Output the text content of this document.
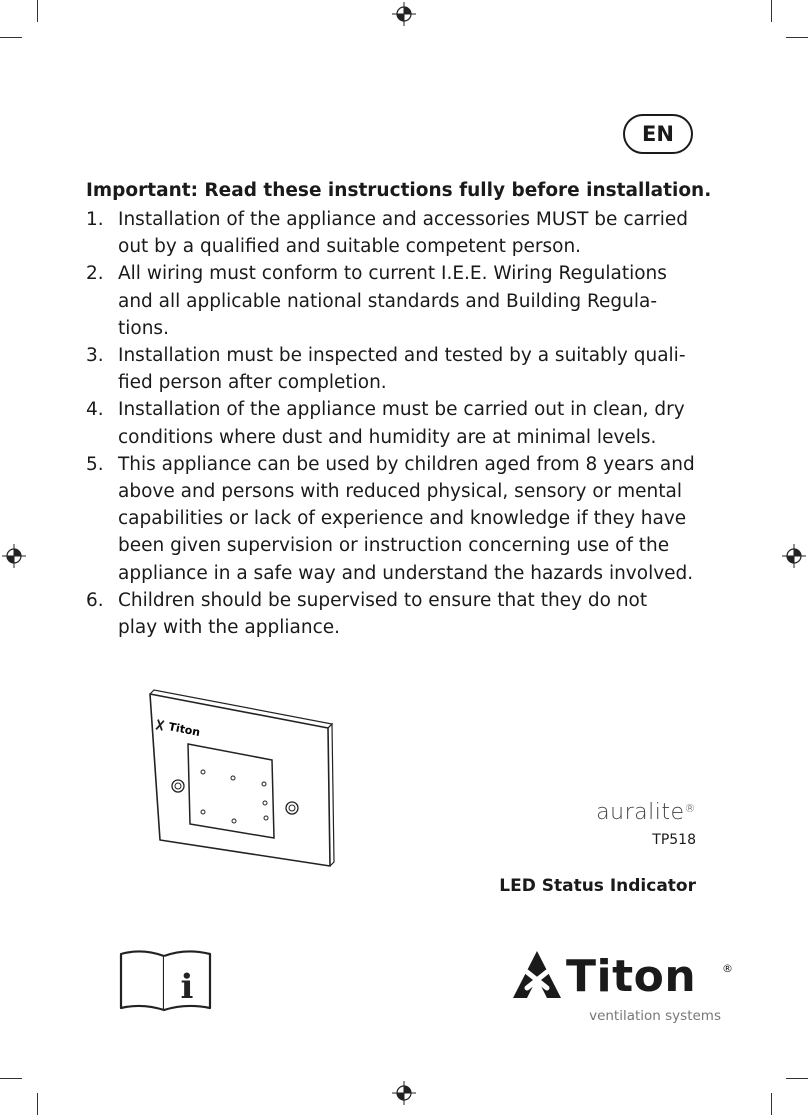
EN
Important: Read these instructions fully before installation.
1. Installation of the appliance and accessories MUST be carried
out by a qualified and suitable competent person.
2. All wiring must conform to current I.E.E. Wiring Regulations
and all applicable national standards and Building Regula-
tions.
3. Installation must be inspected and tested by a suitably quali-
fied person after completion.
4. Installation of the appliance must be carried out in clean, dry
conditions where dust and humidity are at minimal levels.
5. This appliance can be used by children aged from 8 years and
above and persons with reduced physical, sensory or mental
capabilities or lack of experience and knowledge if they have
been given supervision or instruction concerning use of the
appliance in a safe way and understand the hazards involved.
6. Children should be supervised to ensure that they do not
play with the appliance.
Titon
auralite®
TP518
LED Status Indicator
i	Titon ®
ventilation systems
